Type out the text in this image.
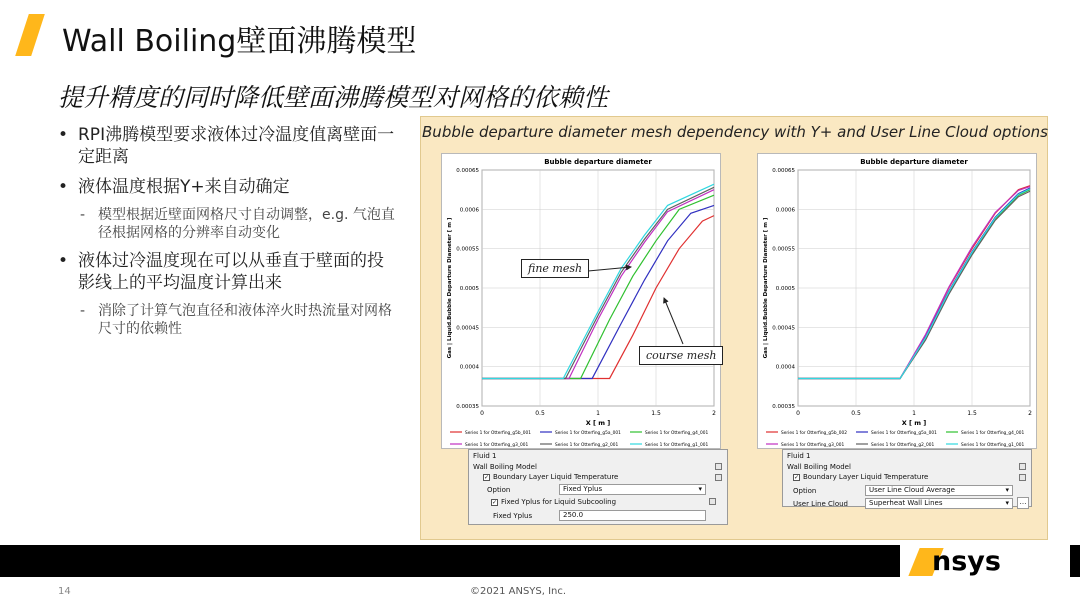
Wall Boiling壁面沸腾模型
提升精度的同时降低壁面沸腾模型对网格的依赖性
• RPI沸腾模型要求液体过冷温度值离壁面一定距离
• 液体温度根据Y+来自动确定
- 模型根据近壁面网格尺寸自动调整，e.g. 气泡直径根据网格的分辨率自动变化
• 液体过冷温度现在可以从垂直于壁面的投影线上的平均温度计算出来
- 消除了计算气泡直径和液体淬火时热流量对网格尺寸的依赖性
Bubble departure diameter mesh dependency with Y+ and User Line Cloud options
Bubble departure diameter
0	0.5	1	1.5	2
0.00035
0.0004
0.00045
0.0005
0.00055
0.0006
0.00065
X [ m ]
Gas | Liquid.Bubble Departure Diameter [ m ]
Series 1 for Otterfing_g5b_001	Series 1 for Otterfing_g5a_001	Series 1 for Otterfing_g4_001
Series 1 for Otterfing_g3_001	Series 1 for Otterfing_g2_001	Series 1 for Otterfing_g1_001
Bubble departure diameter
0	0.5	1	1.5	2
0.00035
0.0004
0.00045
0.0005
0.00055
0.0006
0.00065
X [ m ]
Gas | Liquid.Bubble Departure Diameter [ m ]
Series 1 for Otterfing_g5b_002	Series 1 for Otterfing_g5a_001	Series 1 for Otterfing_g4_001
Series 1 for Otterfing_g3_001	Series 1 for Otterfing_g2_001	Series 1 for Otterfing_g1_001
fine mesh
course mesh
Fluid 1
Wall Boiling Model
✓ Boundary Layer Liquid Temperature
Option	Fixed Yplus	▾
✓ Fixed Yplus for Liquid Subcooling
Fixed Yplus	250.0
Fluid 1
Wall Boiling Model
✓ Boundary Layer Liquid Temperature
Option	User Line Cloud Average	▾
User Line Cloud	Superheat Wall Lines	▾	…
nsys
14	©2021 ANSYS, Inc.
